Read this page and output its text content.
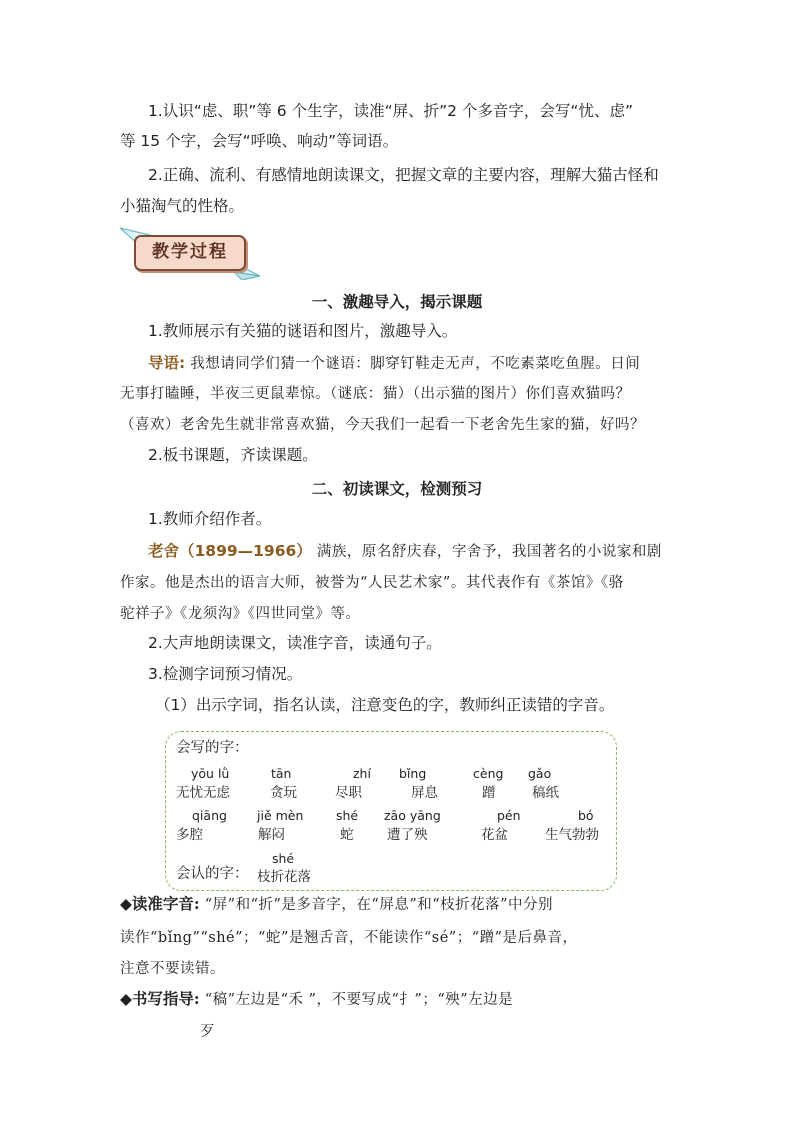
1.认识“虑、职”等 6 个生字，读准“屏、折”2 个多音字，会写“忧、虑”
等 15 个字，会写“呼唤、响动”等词语。
2.正确、流利、有感情地朗读课文，把握文章的主要内容，理解大猫古怪和
小猫淘气的性格。
教学过程
一、激趣导入，揭示课题
1.教师展示有关猫的谜语和图片，激趣导入。
导语: 我想请同学们猜一个谜语：脚穿钉鞋走无声，不吃素菜吃鱼腥。日间
无事打瞌睡，半夜三更鼠辈惊。（谜底：猫）（出示猫的图片）你们喜欢猫吗？
（喜欢）老舍先生就非常喜欢猫，今天我们一起看一下老舍先生家的猫，好吗？
2.板书课题，齐读课题。
二、初读课文，检测预习
1.教师介绍作者。
老舍（1899—1966） 满族，原名舒庆春，字舍予，我国著名的小说家和剧
作家。他是杰出的语言大师，被誉为“人民艺术家”。其代表作有《茶馆》《骆
驼祥子》《龙须沟》《四世同堂》等。
2.大声地朗读课文，读准字音，读通句子。
3.检测字词预习情况。
（1）出示字词，指名认读，注意变色的字，教师纠正读错的字音。
会写的字：
yōu lǜ
无忧无虑
tān
贪玩
zhí
尽职
bǐng
屏息
cèng
蹭
gǎo
稿纸
qiāng
多腔
jiě mèn
解闷
shé
蛇
zāo yāng
遭了殃
pén
花盆
bó
生气勃勃
shé
会认的字： 枝折花落
◆读准字音: “屏”和“折”是多音字，在“屏息”和“枝折花落”中分别
读作“bǐng”“shé”；“蛇”是翘舌音，不能读作“sé”；“蹭”是后鼻音，
注意不要读错。
◆书写指导: “稿”左边是“禾 ”，不要写成“扌”；“殃”左边是
歹
